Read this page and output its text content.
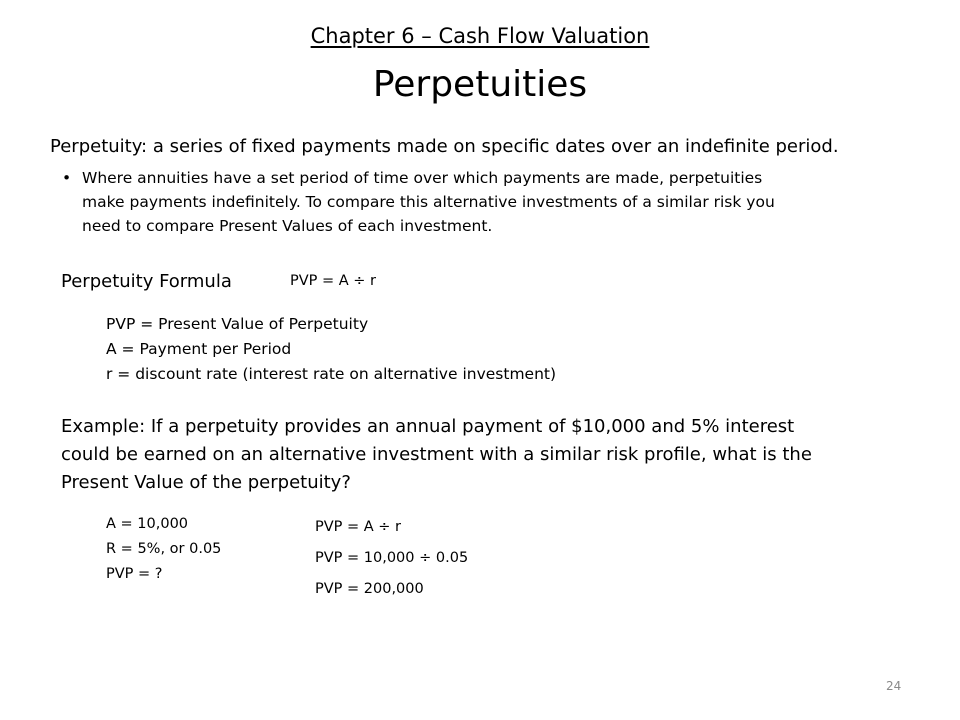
Chapter 6 – Cash Flow Valuation
Perpetuities
Perpetuity: a series of fixed payments made on specific dates over an indefinite period.
• Where annuities have a set period of time over which payments are made, perpetuities
make payments indefinitely. To compare this alternative investments of a similar risk you
need to compare Present Values of each investment.
Perpetuity Formula	PVP = A ÷ r
PVP = Present Value of Perpetuity
A = Payment per Period
r = discount rate (interest rate on alternative investment)
Example: If a perpetuity provides an annual payment of $10,000 and 5% interest
could be earned on an alternative investment with a similar risk profile, what is the
Present Value of the perpetuity?
A = 10,000
R = 5%, or 0.05
PVP = ?
PVP = A ÷ r
PVP = 10,000 ÷ 0.05
PVP = 200,000
24
